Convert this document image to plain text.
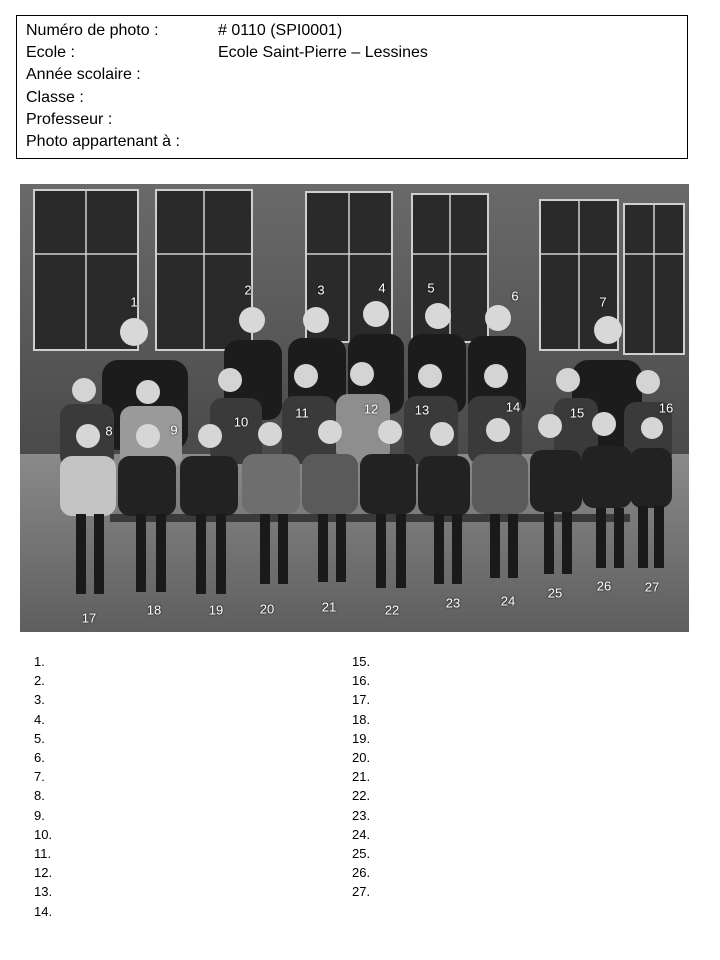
Numéro de photo :	# 0110 (SPI0001)
Ecole :	Ecole Saint-Pierre – Lessines
Année scolaire :
Classe :
Professeur :
Photo appartenant à :
1
2	3	4	5
6	7
8	9
10
11	12	13	14	15	16
17
18	19	20	21	22	23	24
25	26	27
1.
2.
3.
4.
5.
6.
7.
8.
9.
10.
11.
12.
13.
14.
15.
16.
17.
18.
19.
20.
21.
22.
23.
24.
25.
26.
27.
